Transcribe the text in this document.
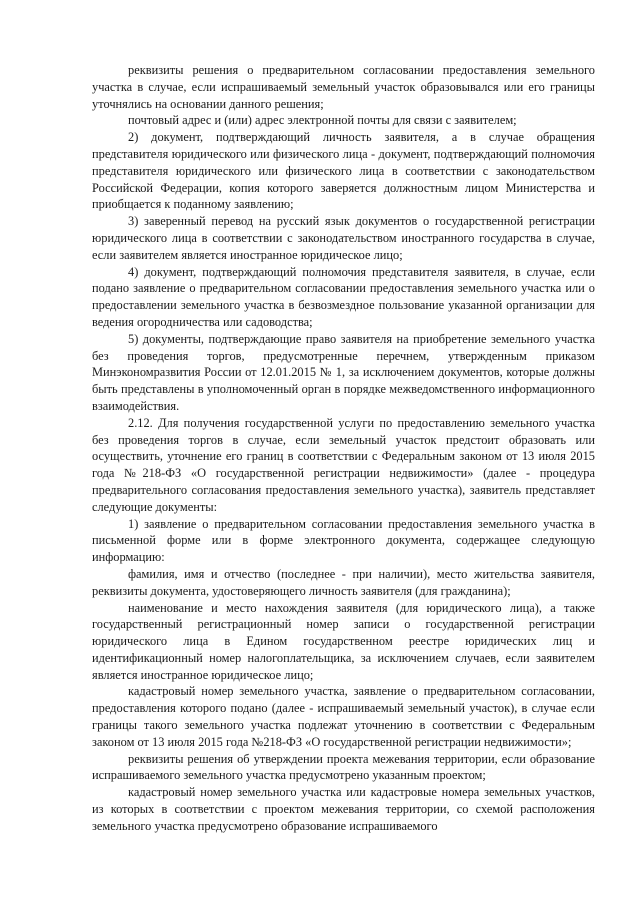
реквизиты решения о предварительном согласовании предоставления земельного участка в случае, если испрашиваемый земельный участок образовывался или его границы уточнялись на основании данного решения;

почтовый адрес и (или) адрес электронной почты для связи с заявителем;

2) документ, подтверждающий личность заявителя, а в случае обращения представителя юридического или физического лица - документ, подтверждающий полномочия представителя юридического или физического лица в соответствии с законодательством Российской Федерации, копия которого заверяется должностным лицом Министерства и приобщается к поданному заявлению;

3) заверенный перевод на русский язык документов о государственной регистрации юридического лица в соответствии с законодательством иностранного государства в случае, если заявителем является иностранное юридическое лицо;

4) документ, подтверждающий полномочия представителя заявителя, в случае, если подано заявление о предварительном согласовании предоставления земельного участка или о предоставлении земельного участка в безвозмездное пользование указанной организации для ведения огородничества или садоводства;

5) документы, подтверждающие право заявителя на приобретение земельного участка без проведения торгов, предусмотренные перечнем, утвержденным приказом Минэкономразвития России от 12.01.2015 № 1, за исключением документов, которые должны быть представлены в уполномоченный орган в порядке межведомственного информационного взаимодействия.

2.12. Для получения государственной услуги по предоставлению земельного участка без проведения торгов в случае, если земельный участок предстоит образовать или осуществить, уточнение его границ в соответствии с Федеральным законом от 13 июля 2015 года №218-ФЗ «О государственной регистрации недвижимости» (далее - процедура предварительного согласования предоставления земельного участка), заявитель представляет следующие документы:

1) заявление о предварительном согласовании предоставления земельного участка в письменной форме или в форме электронного документа, содержащее следующую информацию:

фамилия, имя и отчество (последнее - при наличии), место жительства заявителя, реквизиты документа, удостоверяющего личность заявителя (для гражданина);

наименование и место нахождения заявителя (для юридического лица), а также государственный регистрационный номер записи о государственной регистрации юридического лица в Едином государственном реестре юридических лиц и идентификационный номер налогоплательщика, за исключением случаев, если заявителем является иностранное юридическое лицо;

кадастровый номер земельного участка, заявление о предварительном согласовании, предоставления которого подано (далее - испрашиваемый земельный участок), в случае если границы такого земельного участка подлежат уточнению в соответствии с Федеральным законом от 13 июля 2015 года №218-ФЗ «О государственной регистрации недвижимости»;

реквизиты решения об утверждении проекта межевания территории, если образование испрашиваемого земельного участка предусмотрено указанным проектом;

кадастровый номер земельного участка или кадастровые номера земельных участков, из которых в соответствии с проектом межевания территории, со схемой расположения земельного участка предусмотрено образование испрашиваемого
